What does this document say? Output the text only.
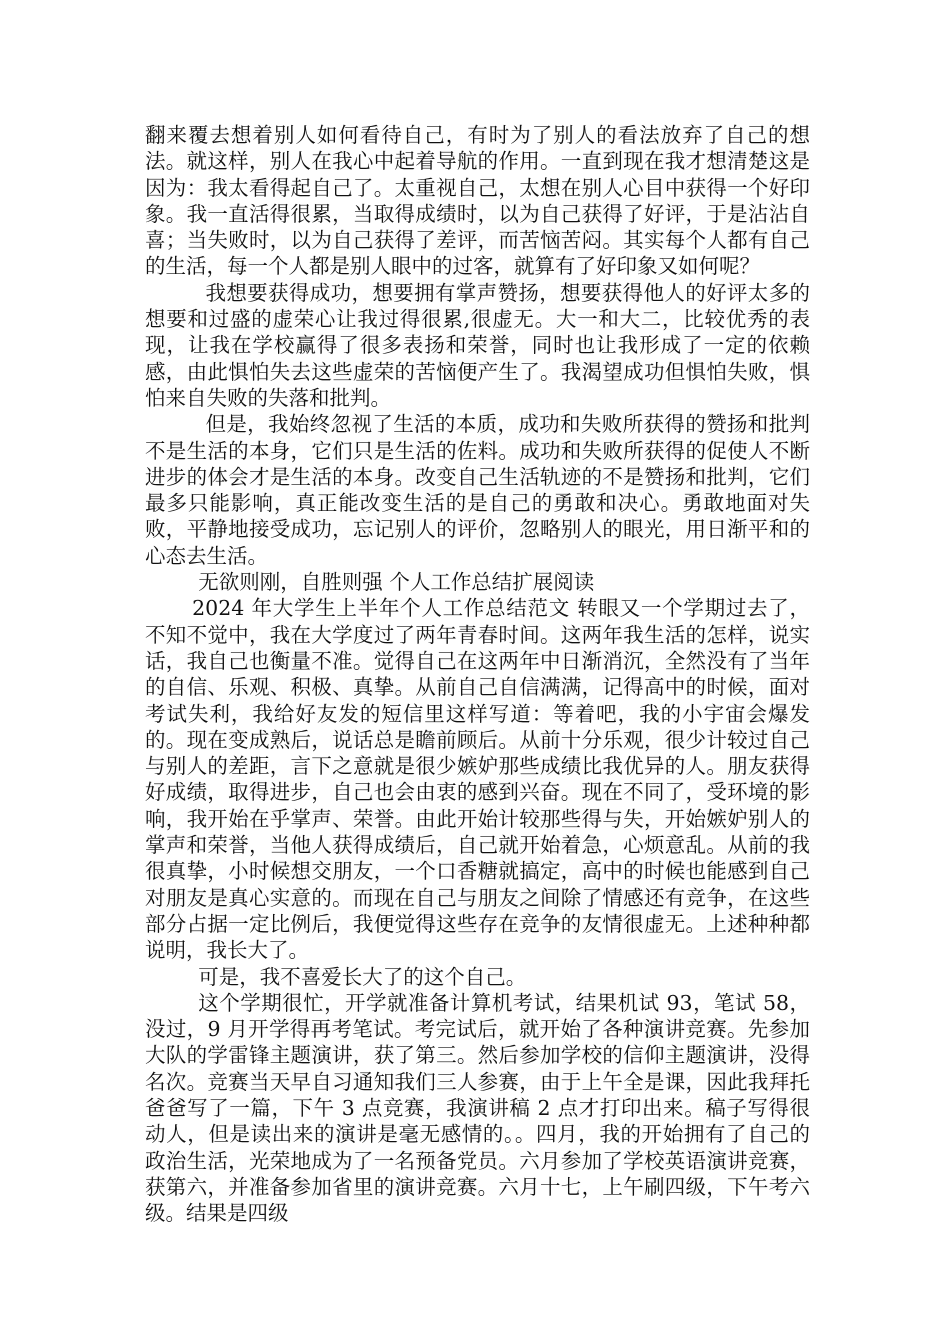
翻来覆去想着别人如何看待自己，有时为了别人的看法放弃了自己的想法。就这样，别人在我心中起着导航的作用。一直到现在我才想清楚这是因为：我太看得起自己了。太重视自己，太想在别人心目中获得一个好印象。我一直活得很累，当取得成绩时，以为自己获得了好评，于是沾沾自喜；当失败时，以为自己获得了差评，而苦恼苦闷。其实每个人都有自己的生活，每一个人都是别人眼中的过客，就算有了好印象又如何呢？

我想要获得成功，想要拥有掌声赞扬，想要获得他人的好评太多的 想要和过盛的虚荣心让我过得很累,很虚无。大一和大二，比较优秀的表现，让我在学校赢得了很多表扬和荣誉，同时也让我形成了一定的依赖感，由此惧怕失去这些虚荣的苦恼便产生了。我渴望成功但惧怕失败，惧怕来自失败的失落和批判。

但是，我始终忽视了生活的本质，成功和失败所获得的赞扬和批判不是生活的本身，它们只是生活的佐料。成功和失败所获得的促使人不断进步的体会才是生活的本身。改变自己生活轨迹的不是赞扬和批判，它们最多只能影响，真正能改变生活的是自己的勇敢和决心。勇敢地面对失败，平静地接受成功，忘记别人的评价，忽略别人的眼光，用日渐平和的心态去生活。

无欲则刚，自胜则强 个人工作总结扩展阅读

2024 年大学生上半年个人工作总结范文 转眼又一个学期过去了，不知不觉中，我在大学度过了两年青春时间。这两年我生活的怎样，说实话，我自己也衡量不准。觉得自己在这两年中日渐消沉，全然没有了当年的自信、乐观、积极、真挚。从前自己自信满满，记得高中的时候，面对考试失利，我给好友发的短信里这样写道：等着吧，我的小宇宙会爆发的。现在变成熟后，说话总是瞻前顾后。从前十分乐观，很少计较过自己与别人的差距，言下之意就是很少嫉妒那些成绩比我优异的人。朋友获得好成绩，取得进步，自己也会由衷的感到兴奋。现在不同了，受环境的影响，我开始在乎掌声、荣誉。由此开始计较那些得与失，开始嫉妒别人的掌声和荣誉，当他人获得成绩后，自己就开始着急，心烦意乱。从前的我很真挚，小时候想交朋友，一个口香糖就搞定，高中的时候也能感到自己对朋友是真心实意的。而现在自己与朋友之间除了情感还有竞争，在这些部分占据一定比例后，我便觉得这些存在竞争的友情很虚无。上述种种都说明，我长大了。

可是，我不喜爱长大了的这个自己。

这个学期很忙，开学就准备计算机考试，结果机试 93，笔试 58，没过，9 月开学得再考笔试。考完试后，就开始了各种演讲竞赛。先参加大队的学雷锋主题演讲，获了第三。然后参加学校的信仰主题演讲，没得名次。竞赛当天早自习通知我们三人参赛，由于上午全是课，因此我拜托爸爸写了一篇，下午 3 点竞赛，我演讲稿 2 点才打印出来。稿子写得很动人，但是读出来的演讲是毫无感情的。。四月，我的开始拥有了自己的政治生活，光荣地成为了一名预备党员。六月参加了学校英语演讲竞赛，获第六，并准备参加省里的演讲竞赛。六月十七，上午刷四级，下午考六级。结果是四级
